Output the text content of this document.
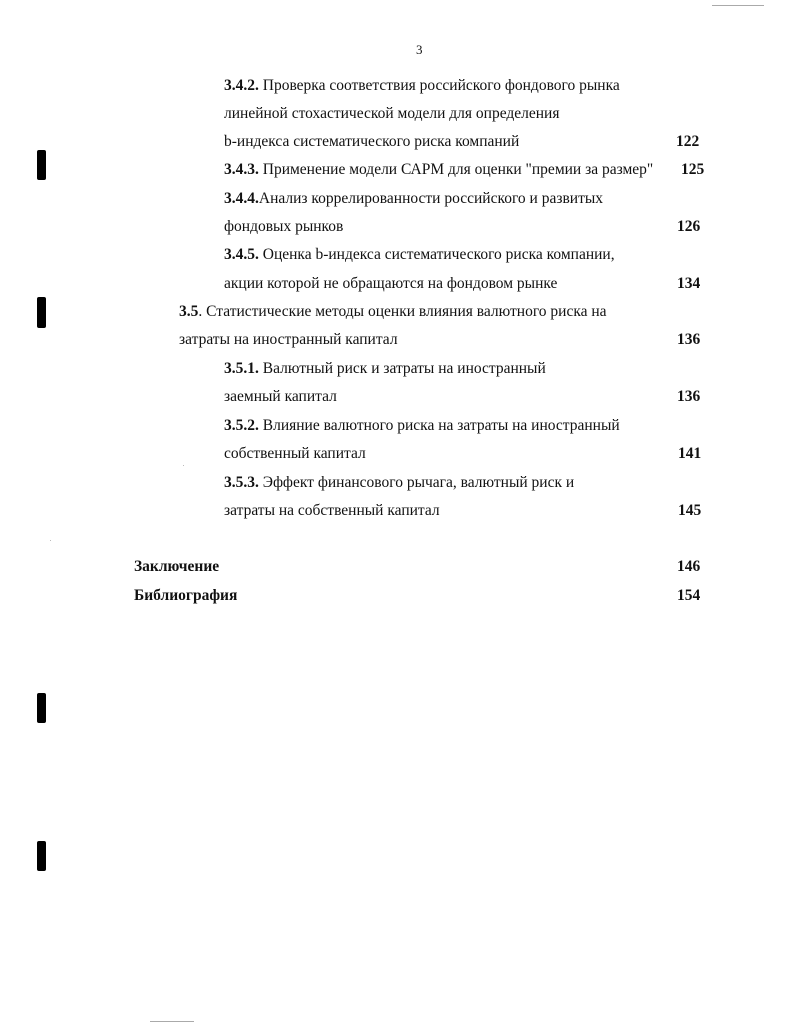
3
3.4.2. Проверка соответствия российского фондового рынка
линейной стохастической модели для определения
b-индекса систематического риска компаний	122
3.4.3. Применение модели САРМ для оценки "премии за размер" 125
3.4.4.Анализ коррелированности российского и развитых
фондовых рынков	126
3.4.5. Оценка b-индекса систематического риска компании,
акции которой не обращаются на фондовом рынке	134
3.5. Статистические методы оценки влияния валютного риска на
затраты на иностранный капитал	136
3.5.1. Валютный риск и затраты на иностранный
заемный капитал	136
3.5.2. Влияние валютного риска на затраты на иностранный
собственный капитал	141
3.5.3. Эффект финансового рычага, валютный риск и
затраты на собственный капитал	145
Заключение	146
Библиография	154
